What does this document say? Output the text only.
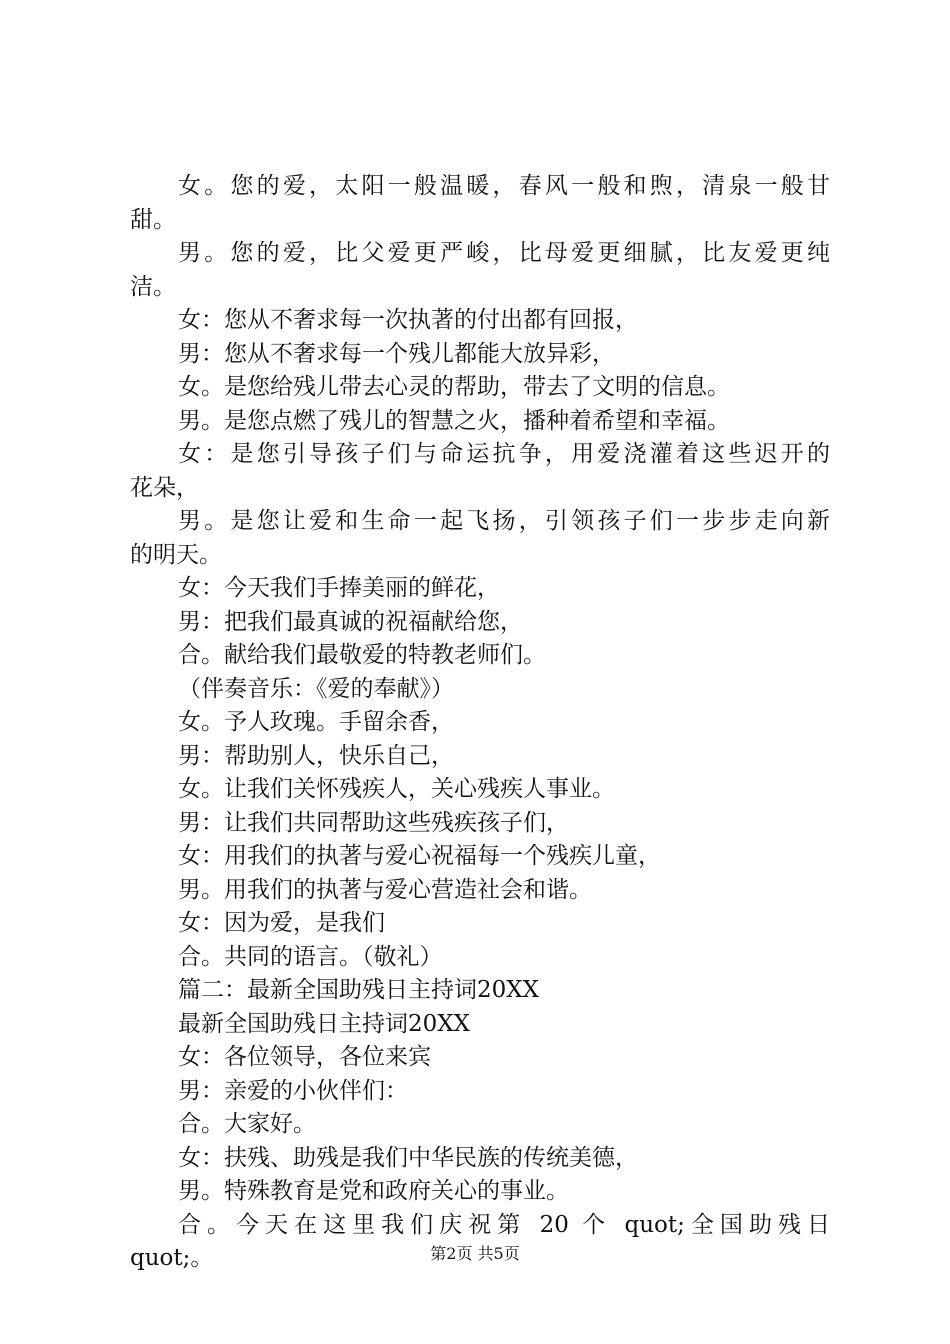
女。您的爱，太阳一般温暖，春风一般和煦，清泉一般甘
甜。
男。您的爱，比父爱更严峻，比母爱更细腻，比友爱更纯
洁。
女：您从不奢求每一次执著的付出都有回报，
男：您从不奢求每一个残儿都能大放异彩，
女。是您给残儿带去心灵的帮助，带去了文明的信息。
男。是您点燃了残儿的智慧之火，播种着希望和幸福。
女：是您引导孩子们与命运抗争，用爱浇灌着这些迟开的
花朵，
男。是您让爱和生命一起飞扬，引领孩子们一步步走向新
的明天。
女：今天我们手捧美丽的鲜花，
男：把我们最真诚的祝福献给您，
合。献给我们最敬爱的特教老师们。
（伴奏音乐：《爱的奉献》）
女。予人玫瑰。手留余香，
男：帮助别人，快乐自己，
女。让我们关怀残疾人，关心残疾人事业。
男：让我们共同帮助这些残疾孩子们，
女：用我们的执著与爱心祝福每一个残疾儿童，
男。用我们的执著与爱心营造社会和谐。
女：因为爱，是我们
合。共同的语言。（敬礼）
篇二：最新全国助残日主持词20XX
最新全国助残日主持词20XX
女：各位领导，各位来宾
男：亲爱的小伙伴们：
合。大家好。
女：扶残、助残是我们中华民族的传统美德，
男。特殊教育是党和政府关心的事业。
合。今天在这里我们庆祝第 20 个 quot;全国助残日
quot;。	第2页 共5页
